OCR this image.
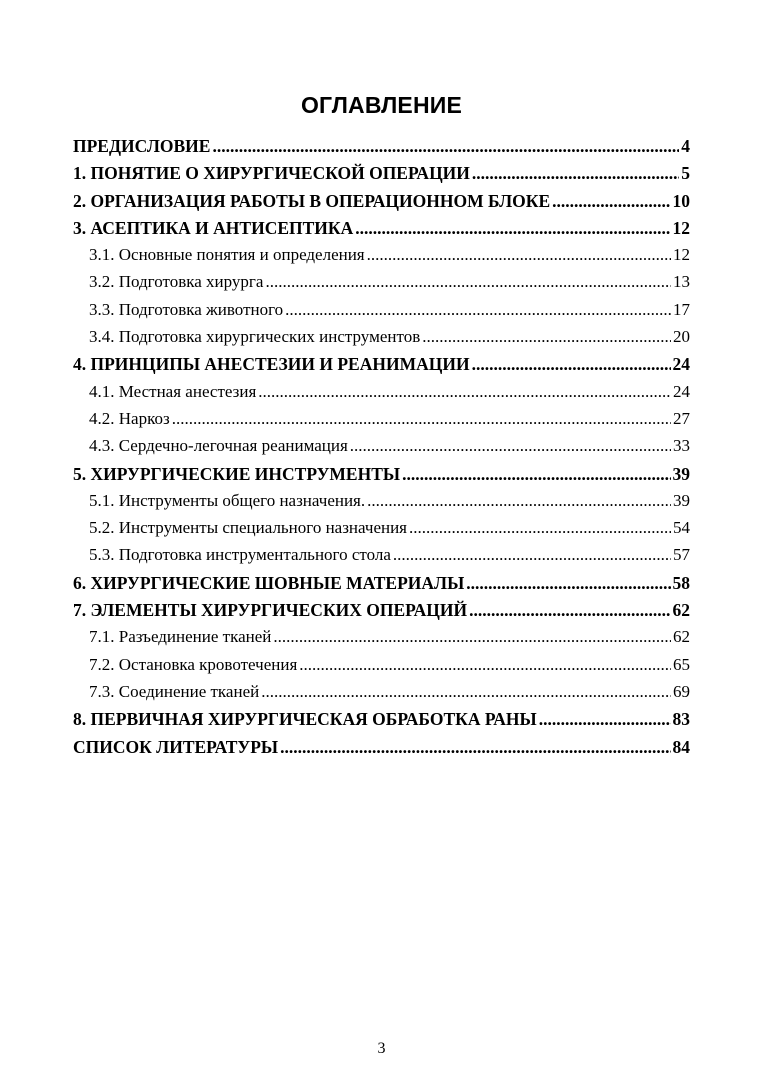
ОГЛАВЛЕНИЕ
ПРЕДИСЛОВИЕ .....	4
1. ПОНЯТИЕ О ХИРУРГИЧЕСКОЙ ОПЕРАЦИИ .....	5
2. ОРГАНИЗАЦИЯ РАБОТЫ В ОПЕРАЦИОННОМ БЛОКЕ .....	10
3. АСЕПТИКА И АНТИСЕПТИКА .....	12
3.1. Основные понятия и определения .....	12
3.2. Подготовка хирурга .....	13
3.3. Подготовка животного .....	17
3.4. Подготовка хирургических инструментов .....	20
4. ПРИНЦИПЫ АНЕСТЕЗИИ И РЕАНИМАЦИИ .....	24
4.1. Местная анестезия .....	24
4.2. Наркоз .....	27
4.3. Сердечно-легочная реанимация .....	33
5. ХИРУРГИЧЕСКИЕ ИНСТРУМЕНТЫ .....	39
5.1. Инструменты общего назначения. .....	39
5.2. Инструменты специального назначения .....	54
5.3. Подготовка инструментального стола .....	57
6. ХИРУРГИЧЕСКИЕ ШОВНЫЕ МАТЕРИАЛЫ .....	58
7. ЭЛЕМЕНТЫ ХИРУРГИЧЕСКИХ ОПЕРАЦИЙ .....	62
7.1. Разъединение тканей .....	62
7.2. Остановка кровотечения .....	65
7.3. Соединение тканей .....	69
8. ПЕРВИЧНАЯ ХИРУРГИЧЕСКАЯ ОБРАБОТКА РАНЫ .....	83
СПИСОК ЛИТЕРАТУРЫ .....	84
3
